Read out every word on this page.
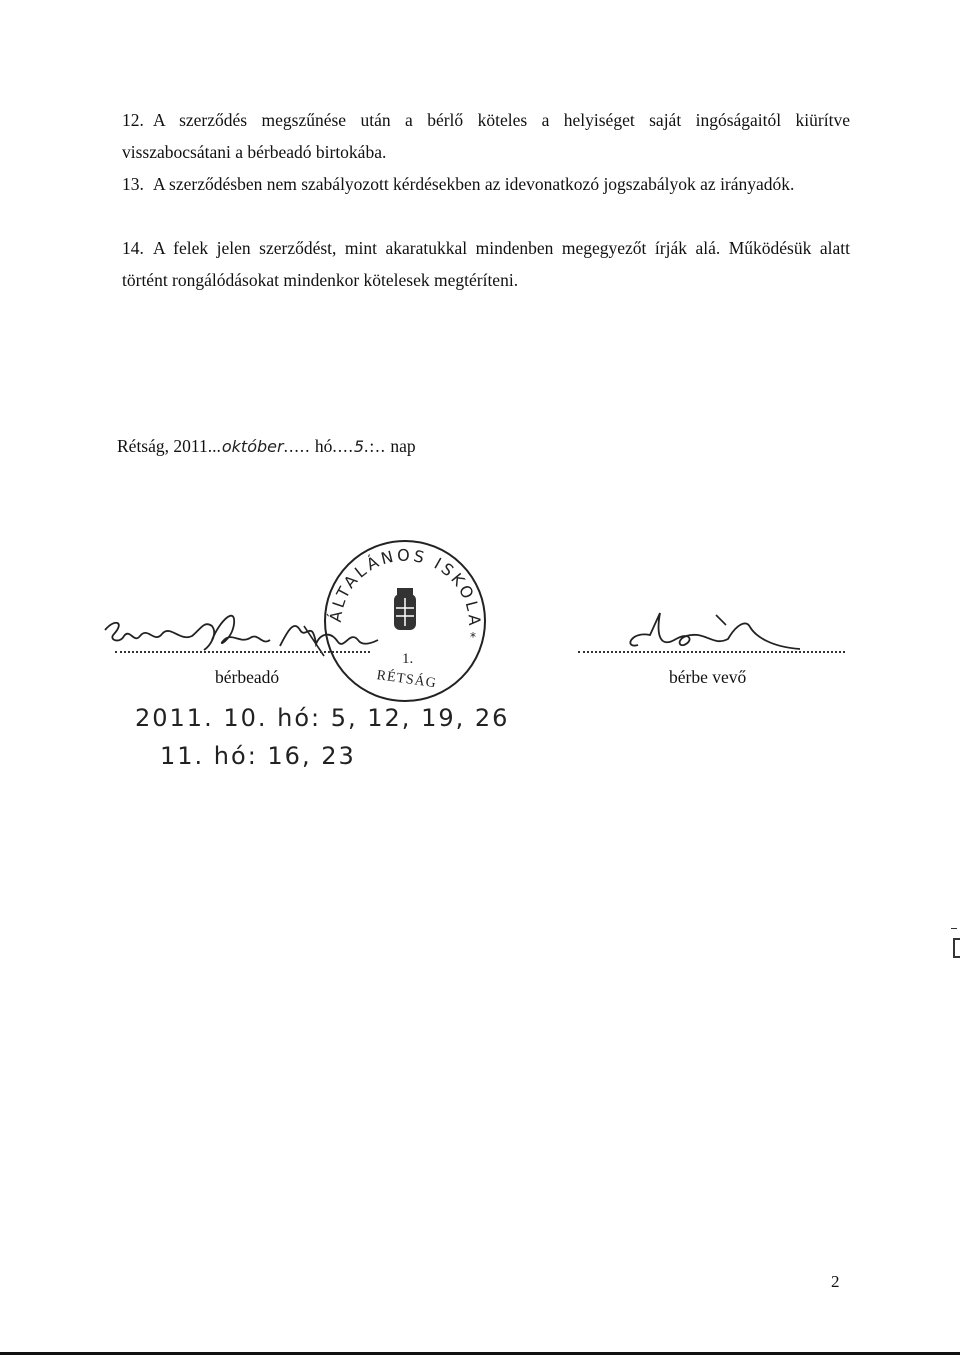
12. A szerződés megszűnése után a bérlő köteles a helyiséget saját ingóságaitól kiürítve visszabocsátani a bérbeadó birtokába.
13. A szerződésben nem szabályozott kérdésekben az idevonatkozó jogszabályok az irányadók.
14. A felek jelen szerződést, mint akaratukkal mindenben megegyezőt írják alá. Működésük alatt történt rongálódásokat mindenkor kötelesek megtéríteni.
Rétság, 2011...október..... hó....5.:.. nap
ÁLTALÁNOS ISKOLA
1.
RÉTSÁG
*
bérbeadó	bérbe vevő
2011. 10. hó: 5, 12, 19, 26
11. hó: 16, 23
2
